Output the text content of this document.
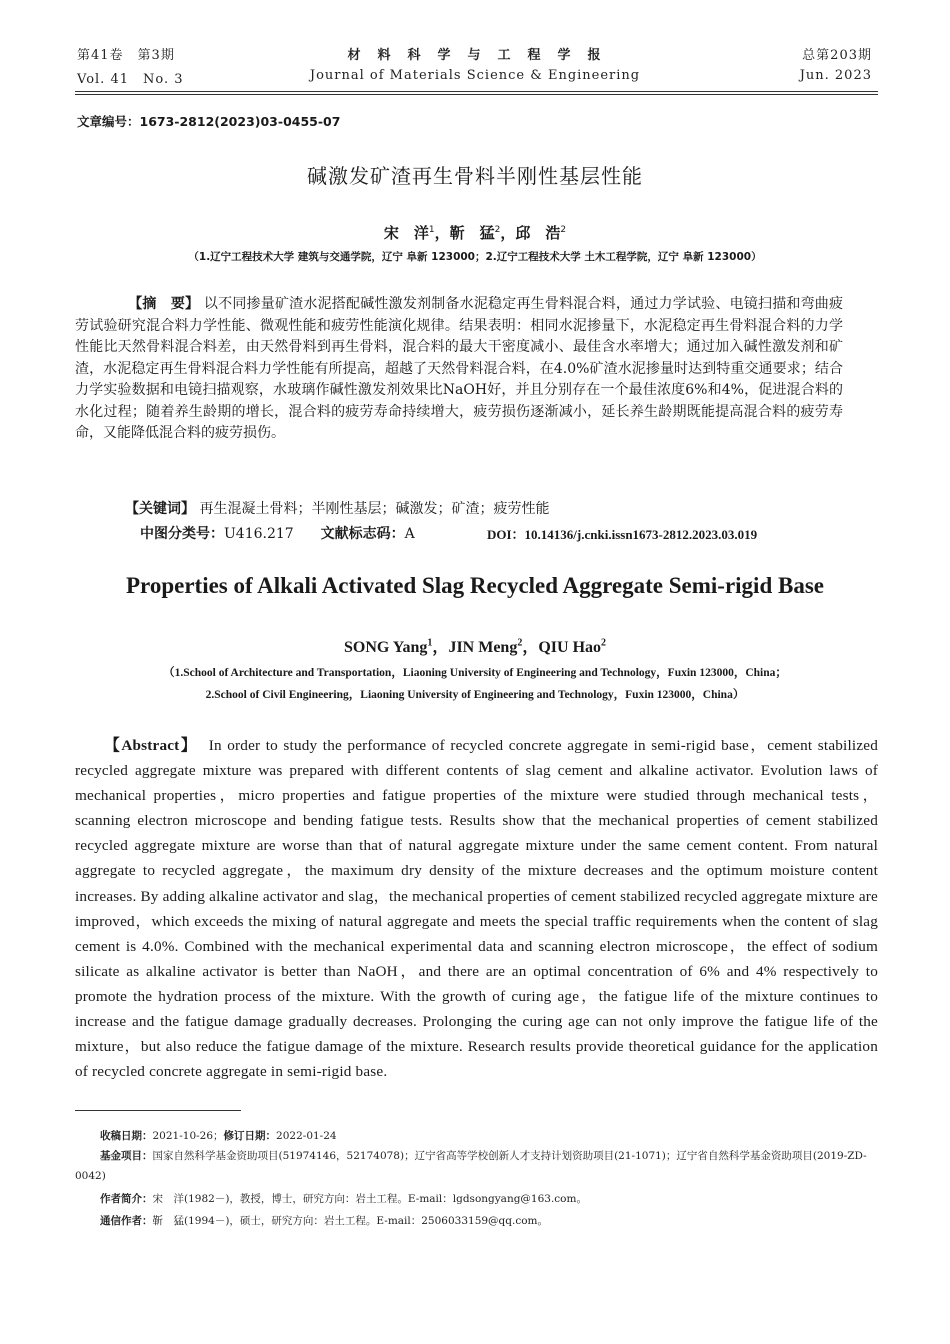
第41卷　第3期
Vol. 41　No. 3
材　料　科　学　与　工　程　学　报
Journal of Materials Science & Engineering
总第203期
Jun. 2023
文章编号：1673-2812(2023)03-0455-07
碱激发矿渣再生骨料半刚性基层性能
宋　洋$^1$，靳　猛$^2$，邱　浩$^2$
（1.辽宁工程技术大学 建筑与交通学院，辽宁 阜新 123000；2.辽宁工程技术大学 土木工程学院，辽宁 阜新 123000）
【摘　要】 以不同掺量矿渣水泥搭配碱性激发剂制备水泥稳定再生骨料混合料，通过力学试验、电镜扫描和弯曲疲劳试验研究混合料力学性能、微观性能和疲劳性能演化规律。结果表明：相同水泥掺量下，水泥稳定再生骨料混合料的力学性能比天然骨料混合料差，由天然骨料到再生骨料，混合料的最大干密度减小、最佳含水率增大；通过加入碱性激发剂和矿渣，水泥稳定再生骨料混合料力学性能有所提高，超越了天然骨料混合料，在4.0%矿渣水泥掺量时达到特重交通要求；结合力学实验数据和电镜扫描观察，水玻璃作碱性激发剂效果比NaOH好，并且分别存在一个最佳浓度6%和4%，促进混合料的水化过程；随着养生龄期的增长，混合料的疲劳寿命持续增大，疲劳损伤逐渐减小，延长养生龄期既能提高混合料的疲劳寿命，又能降低混合料的疲劳损伤。
【关键词】 再生混凝土骨料；半刚性基层；碱激发；矿渣；疲劳性能
中图分类号：U416.217 文献标志码：A	DOI：10.14136/j.cnki.issn1673-2812.2023.03.019
Properties of Alkali Activated Slag Recycled Aggregate Semi-rigid Base
SONG Yang$^1$，JIN Meng$^2$，QIU Hao$^2$
（1.School of Architecture and Transportation，Liaoning University of Engineering and Technology，Fuxin 123000，China；
2.School of Civil Engineering，Liaoning University of Engineering and Technology，Fuxin 123000，China）
【Abstract】 In order to study the performance of recycled concrete aggregate in semi-rigid base，cement stabilized recycled aggregate mixture was prepared with different contents of slag cement and alkaline activator. Evolution laws of mechanical properties，micro properties and fatigue properties of the mixture were studied through mechanical tests，scanning electron microscope and bending fatigue tests. Results show that the mechanical properties of cement stabilized recycled aggregate mixture are worse than that of natural aggregate mixture under the same cement content. From natural aggregate to recycled aggregate，the maximum dry density of the mixture decreases and the optimum moisture content increases. By adding alkaline activator and slag，the mechanical properties of cement stabilized recycled aggregate mixture are improved，which exceeds the mixing of natural aggregate and meets the special traffic requirements when the content of slag cement is 4.0%. Combined with the mechanical experimental data and scanning electron microscope，the effect of sodium silicate as alkaline activator is better than NaOH，and there are an optimal concentration of 6% and 4% respectively to promote the hydration process of the mixture. With the growth of curing age，the fatigue life of the mixture continues to increase and the fatigue damage gradually decreases. Prolonging the curing age can not only improve the fatigue life of the mixture，but also reduce the fatigue damage of the mixture. Research results provide theoretical guidance for the application of recycled concrete aggregate in semi-rigid base.
收稿日期：2021-10-26；修订日期：2022-01-24
基金项目：国家自然科学基金资助项目(51974146，52174078)；辽宁省高等学校创新人才支持计划资助项目(21-1071)；辽宁省自然科学基金资助项目(2019-ZD-0042)
作者简介：宋　洋(1982－)，教授，博士，研究方向：岩土工程。E-mail：lgdsongyang@163.com。
通信作者：靳　猛(1994－)，硕士，研究方向：岩土工程。E-mail：2506033159@qq.com。
